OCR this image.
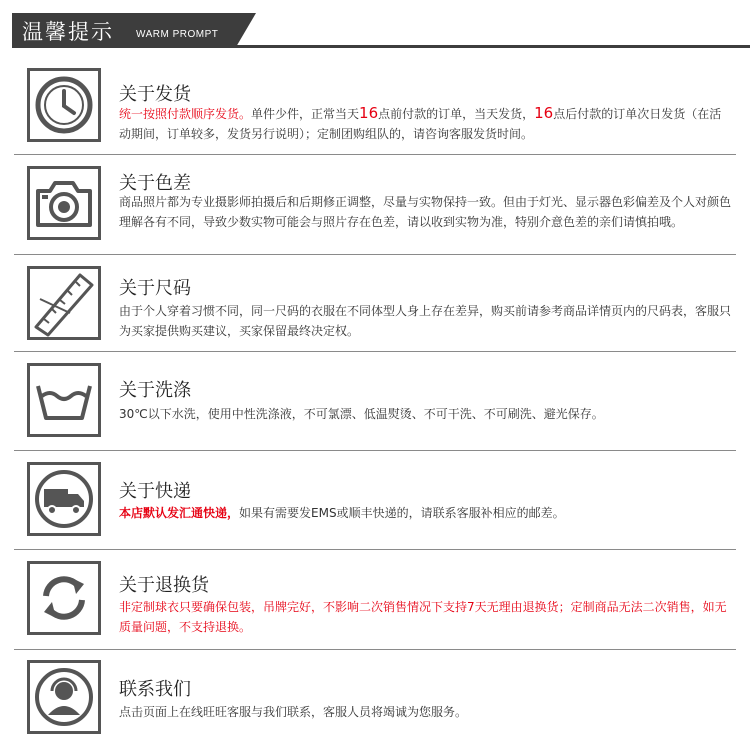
温馨提示 WARM PROMPT
关于发货
统一按照付款顺序发货。单件少件，正常当天16点前付款的订单，当天发货，16点后付款的订单次日发货（在活动期间，订单较多，发货另行说明）；定制团购组队的，请咨询客服发货时间。
关于色差
商品照片都为专业摄影师拍摄后和后期修正调整，尽量与实物保持一致。但由于灯光、显示器色彩偏差及个人对颜色理解各有不同，导致少数实物可能会与照片存在色差，请以收到实物为准，特别介意色差的亲们请慎拍哦。
关于尺码
由于个人穿着习惯不同，同一尺码的衣服在不同体型人身上存在差异，购买前请参考商品详情页内的尺码表，客服只为买家提供购买建议，买家保留最终决定权。
关于洗涤
30℃以下水洗，使用中性洗涤液，不可氯漂、低温熨烫、不可干洗、不可刷洗、避光保存。
关于快递
本店默认发汇通快递，如果有需要发EMS或顺丰快递的，请联系客服补相应的邮差。
关于退换货
非定制球衣只要确保包装，吊牌完好，不影响二次销售情况下支持7天无理由退换货；定制商品无法二次销售，如无质量问题，不支持退换。
联系我们
点击页面上在线旺旺客服与我们联系，客服人员将竭诚为您服务。
